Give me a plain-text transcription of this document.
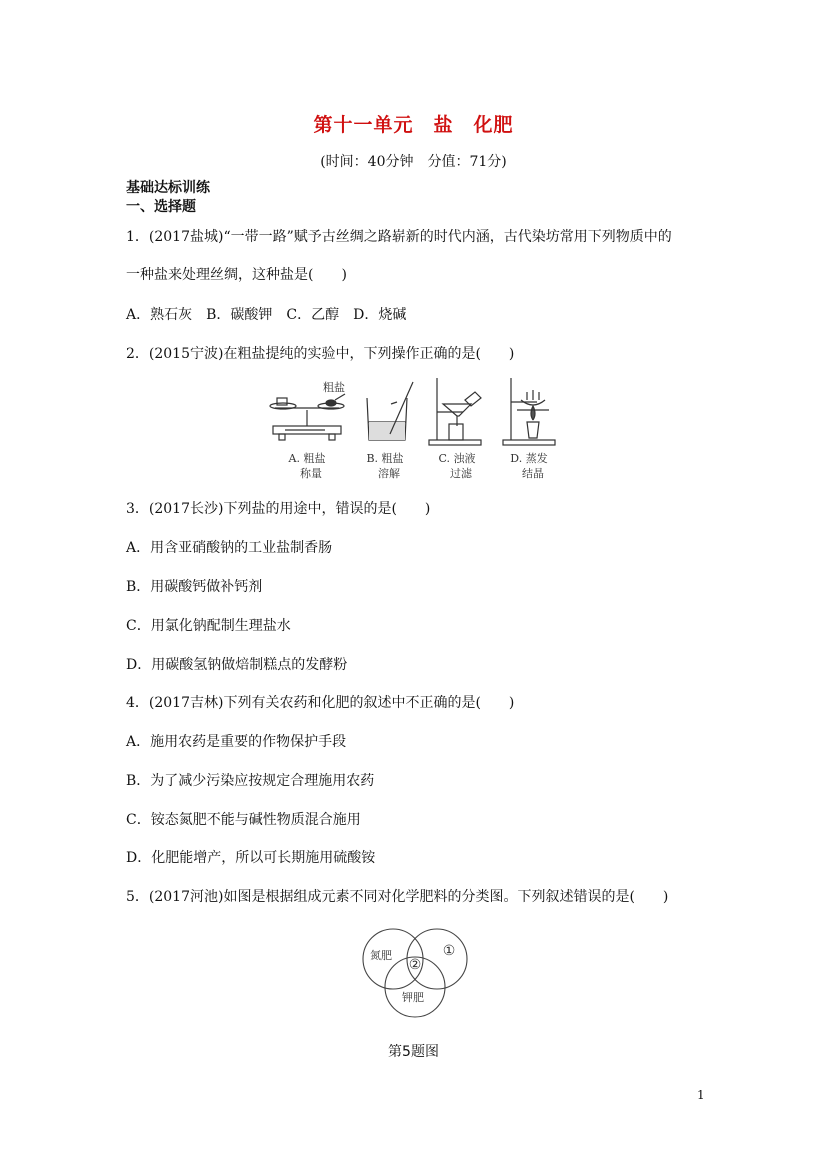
第十一单元　盐　化肥
(时间：40分钟　分值：71分)
基础达标训练
一、选择题
1．(2017盐城)“一带一路”赋予古丝绸之路崭新的时代内涵，古代染坊常用下列物质中的
一种盐来处理丝绸，这种盐是(　　)
A．熟石灰　B．碳酸钾　C．乙醇　D．烧碱
2．(2015宁波)在粗盐提纯的实验中，下列操作正确的是(　　)
粗盐
A. 粗盐
称量
B. 粗盐
溶解
C. 浊液
过滤
D. 蒸发
结晶
3．(2017长沙)下列盐的用途中，错误的是(　　)
A．用含亚硝酸钠的工业盐制香肠
B．用碳酸钙做补钙剂
C．用氯化钠配制生理盐水
D．用碳酸氢钠做焙制糕点的发酵粉
4．(2017吉林)下列有关农药和化肥的叙述中不正确的是(　　)
A．施用农药是重要的作物保护手段
B．为了减少污染应按规定合理施用农药
C．铵态氮肥不能与碱性物质混合施用
D．化肥能增产，所以可长期施用硫酸铵
5．(2017河池)如图是根据组成元素不同对化学肥料的分类图。下列叙述错误的是(　　)
氮肥	①
②
钾肥
第5题图
1
